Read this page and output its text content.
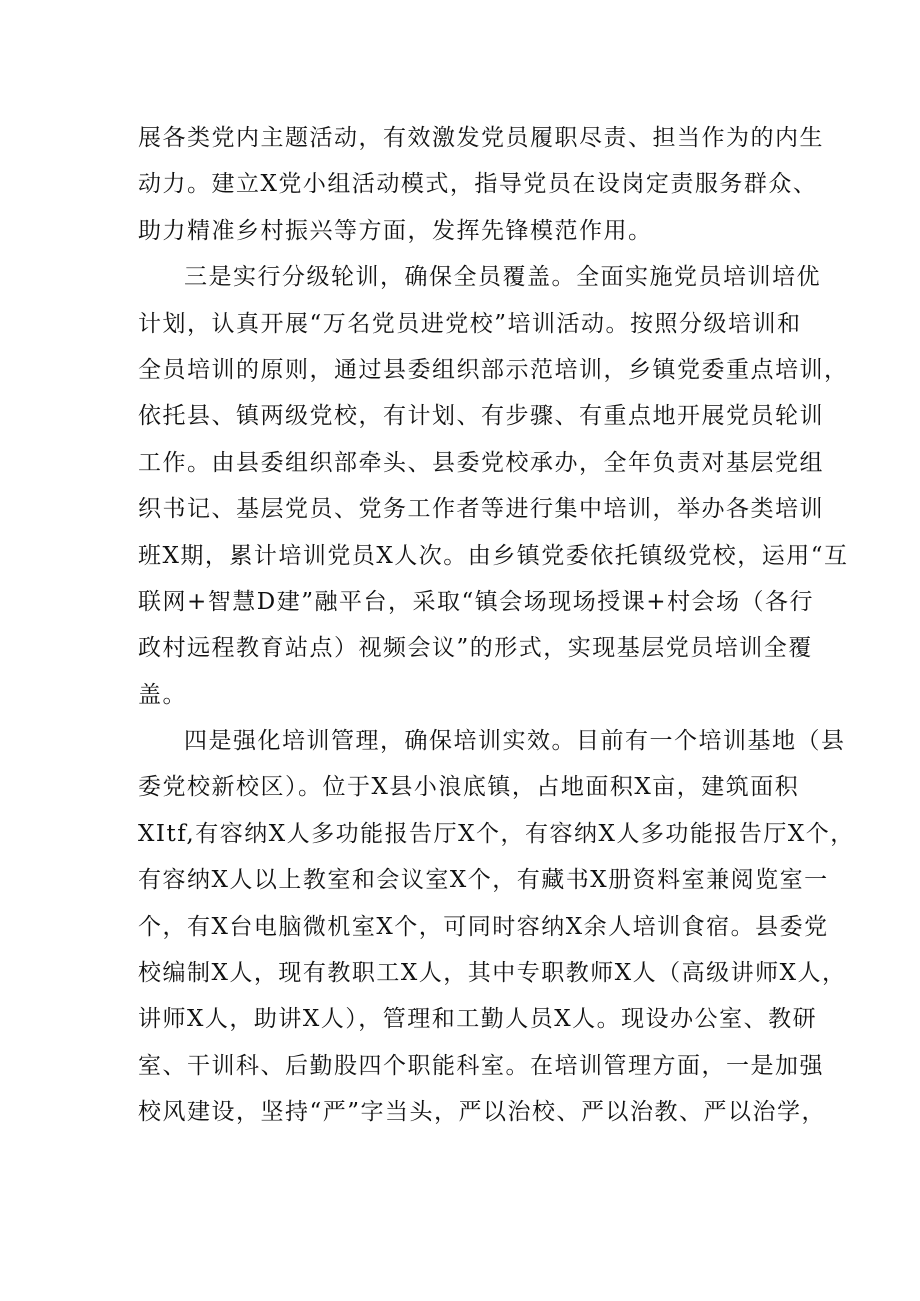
展各类党内主题活动，有效激发党员履职尽责、担当作为的内生
动力。建立X党小组活动模式，指导党员在设岗定责服务群众、
助力精准乡村振兴等方面，发挥先锋模范作用。
三是实行分级轮训，确保全员覆盖。全面实施党员培训培优
计划，认真开展“万名党员进党校”培训活动。按照分级培训和
全员培训的原则，通过县委组织部示范培训，乡镇党委重点培训，
依托县、镇两级党校，有计划、有步骤、有重点地开展党员轮训
工作。由县委组织部牵头、县委党校承办，全年负责对基层党组
织书记、基层党员、党务工作者等进行集中培训，举办各类培训
班X期，累计培训党员X人次。由乡镇党委依托镇级党校，运用“互
联网+智慧D建”融平台，采取“镇会场现场授课+村会场（各行
政村远程教育站点）视频会议”的形式，实现基层党员培训全覆
盖。
四是强化培训管理，确保培训实效。目前有一个培训基地（县
委党校新校区）。位于X县小浪底镇，占地面积X亩，建筑面积
XItf,有容纳X人多功能报告厅X个，有容纳X人多功能报告厅X个，
有容纳X人以上教室和会议室X个，有藏书X册资料室兼阅览室一
个，有X台电脑微机室X个，可同时容纳X余人培训食宿。县委党
校编制X人，现有教职工X人，其中专职教师X人（高级讲师X人，
讲师X人，助讲X人），管理和工勤人员X人。现设办公室、教研
室、干训科、后勤股四个职能科室。在培训管理方面，一是加强
校风建设，坚持“严”字当头，严以治校、严以治教、严以治学，
